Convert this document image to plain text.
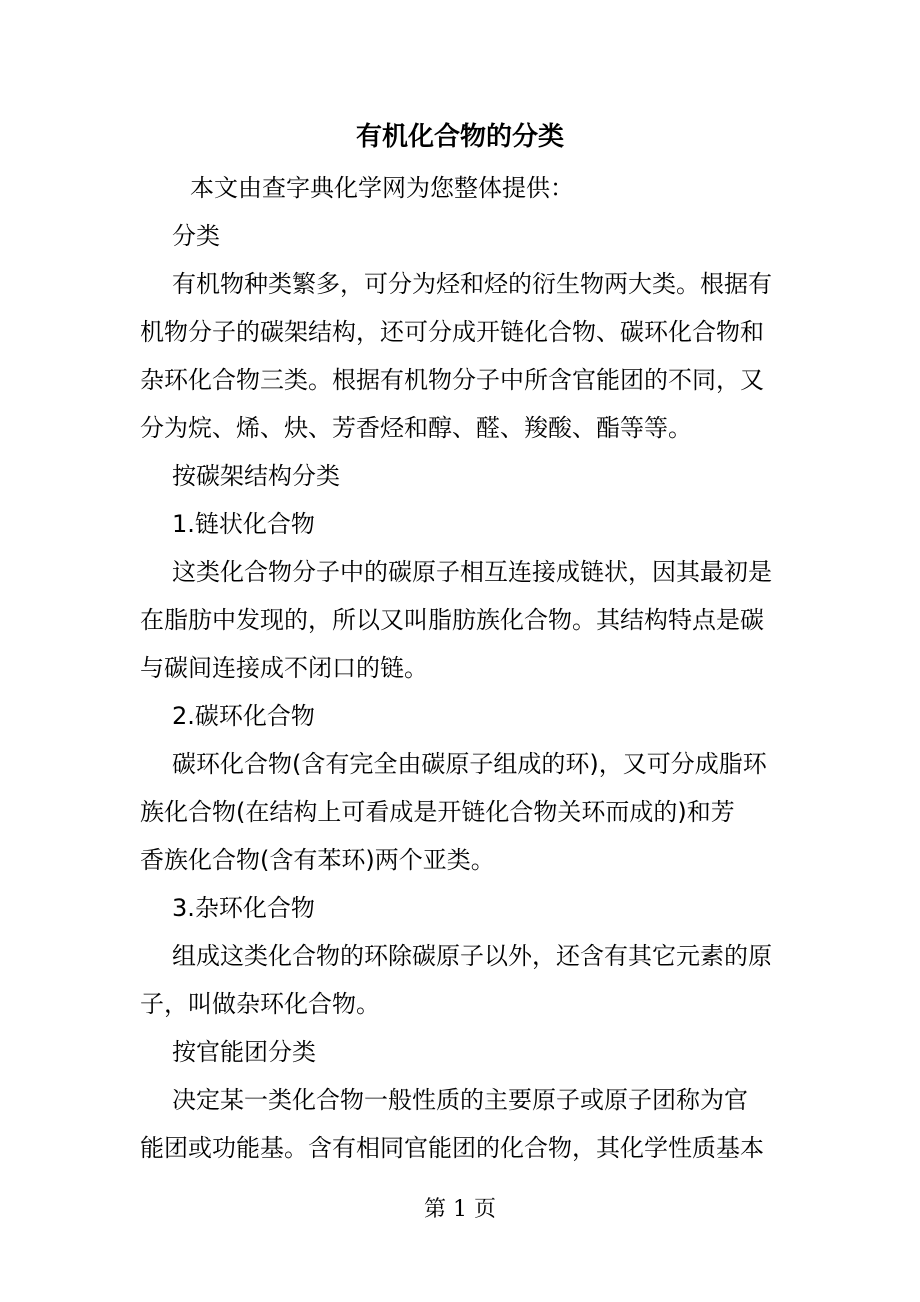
有机化合物的分类
本文由查字典化学网为您整体提供：
分类
有机物种类繁多，可分为烃和烃的衍生物两大类。根据有
机物分子的碳架结构，还可分成开链化合物、碳环化合物和
杂环化合物三类。根据有机物分子中所含官能团的不同，又
分为烷、烯、炔、芳香烃和醇、醛、羧酸、酯等等。
按碳架结构分类
1.链状化合物
这类化合物分子中的碳原子相互连接成链状，因其最初是
在脂肪中发现的，所以又叫脂肪族化合物。其结构特点是碳
与碳间连接成不闭口的链。
2.碳环化合物
碳环化合物(含有完全由碳原子组成的环)，又可分成脂环
族化合物(在结构上可看成是开链化合物关环而成的)和芳
香族化合物(含有苯环)两个亚类。
3.杂环化合物
组成这类化合物的环除碳原子以外，还含有其它元素的原
子，叫做杂环化合物。
按官能团分类
决定某一类化合物一般性质的主要原子或原子团称为官
能团或功能基。含有相同官能团的化合物，其化学性质基本
第 1 页
